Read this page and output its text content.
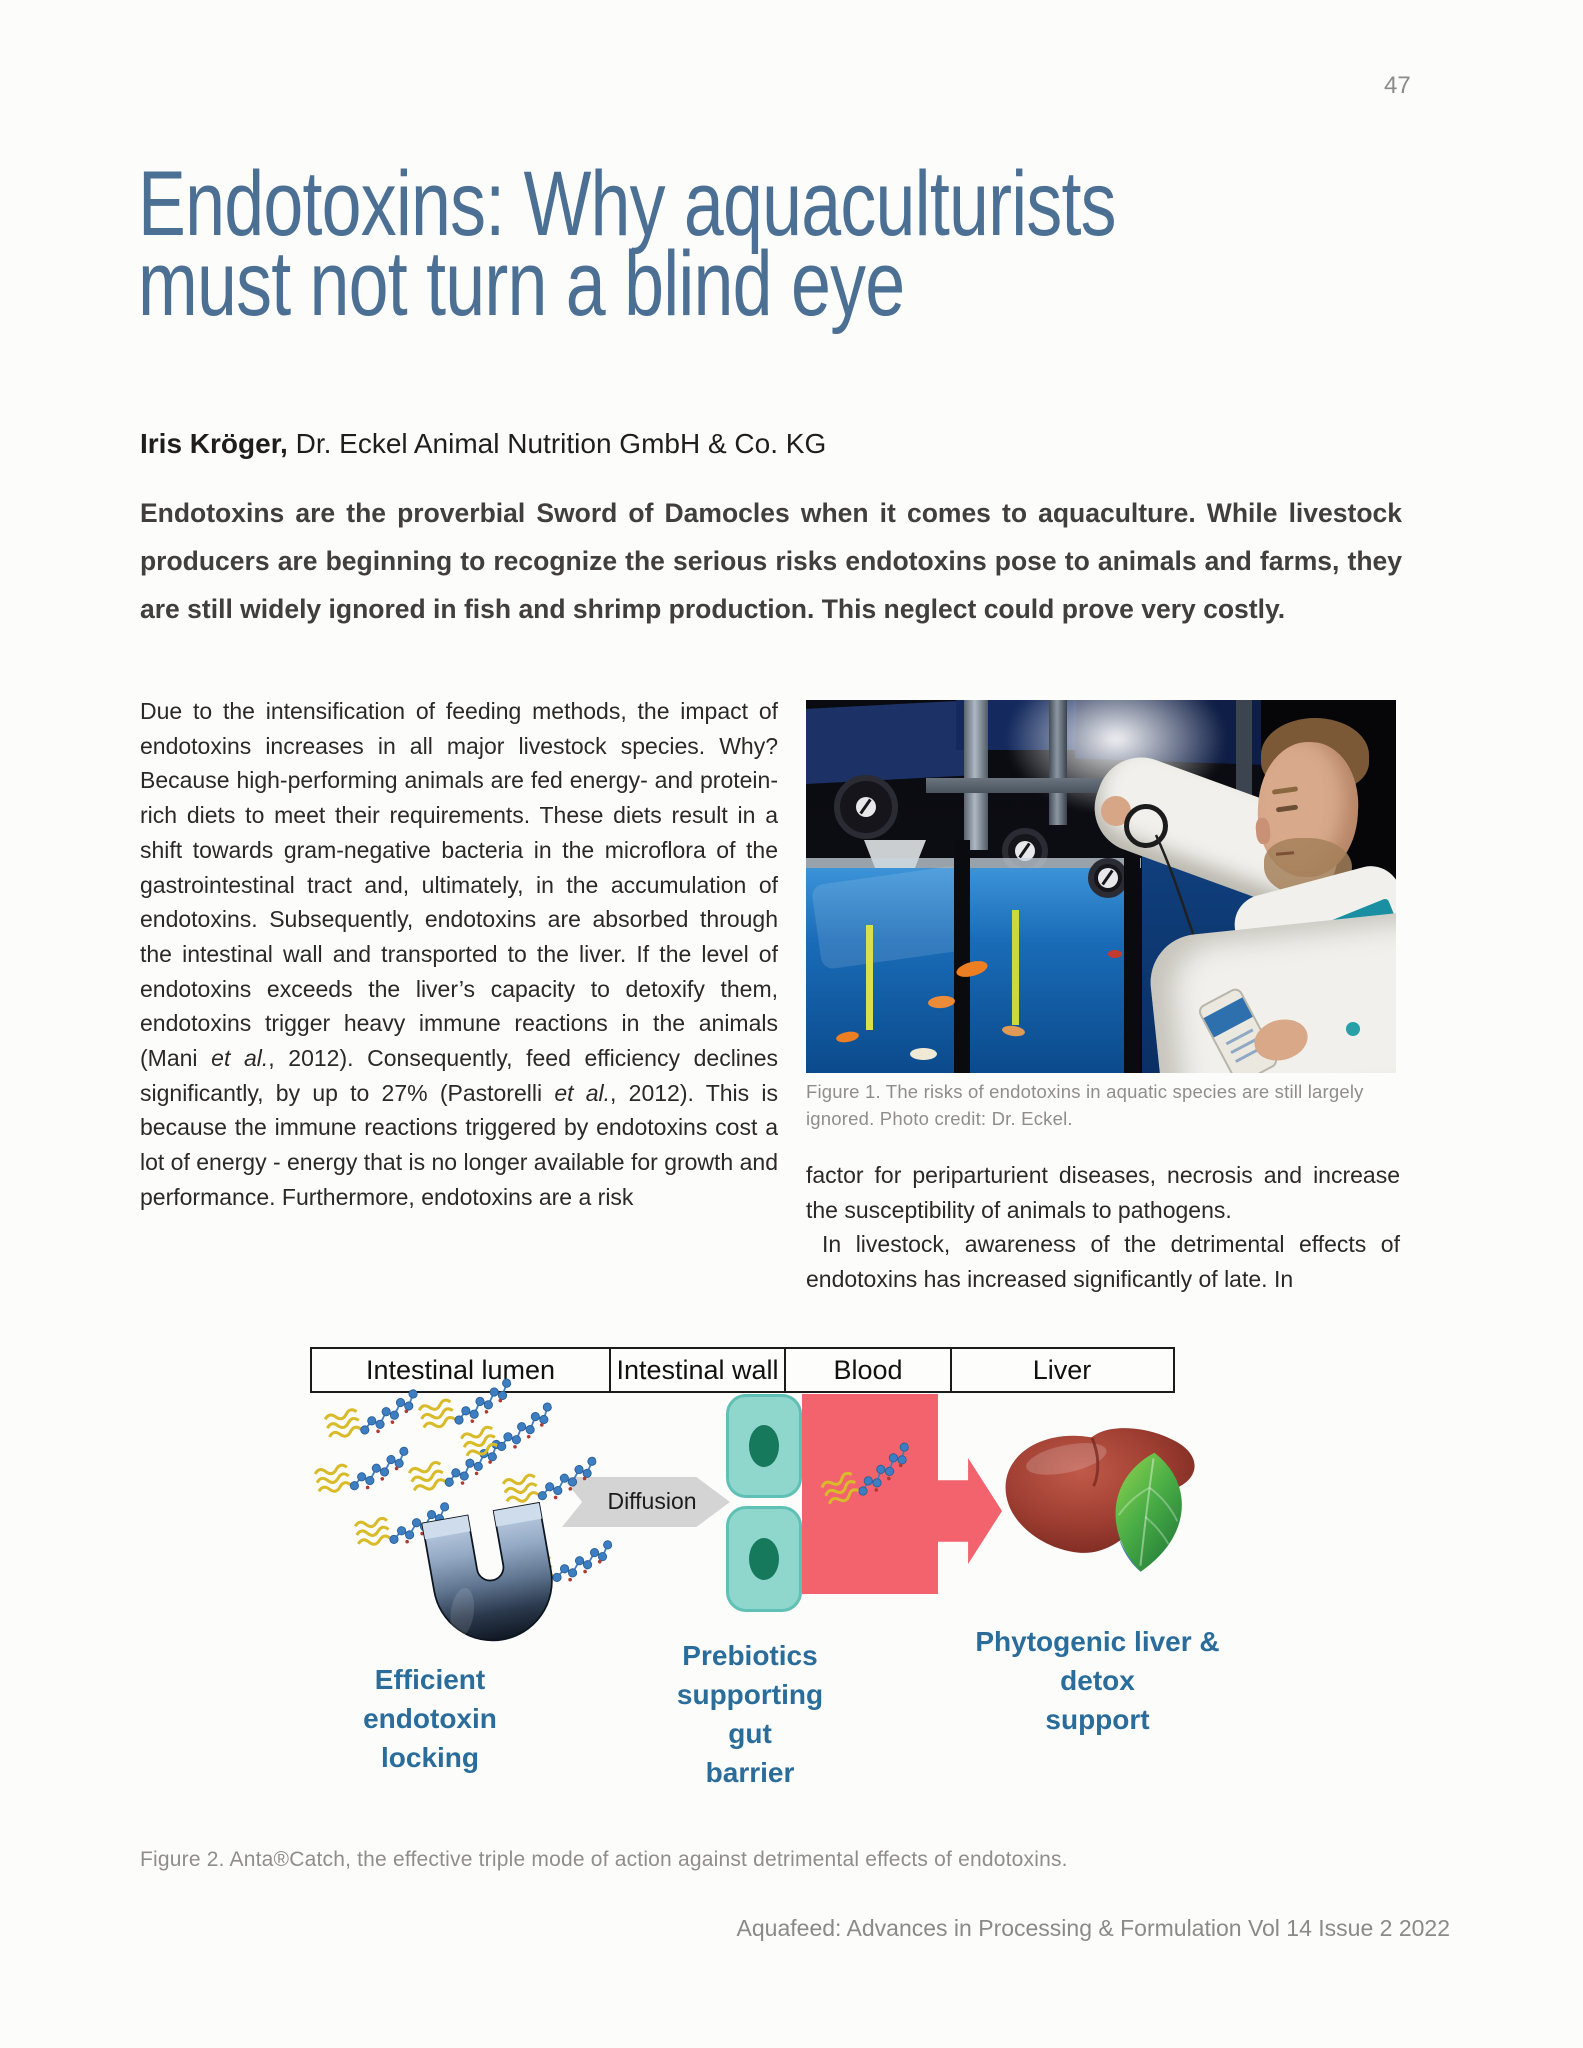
47
Endotoxins: Why aquaculturists
must not turn a blind eye
Iris Kröger, Dr. Eckel Animal Nutrition GmbH & Co. KG
Endotoxins are the proverbial Sword of Damocles when it comes to aquaculture. While livestock producers are beginning to recognize the serious risks endotoxins pose to animals and farms, they are still widely ignored in fish and shrimp production. This neglect could prove very costly.
Due to the intensification of feeding methods, the impact of endotoxins increases in all major livestock species. Why? Because high-performing animals are fed energy- and protein-rich diets to meet their requirements. These diets result in a shift towards gram-negative bacteria in the microflora of the gastrointestinal tract and, ultimately, in the accumulation of endotoxins. Subsequently, endotoxins are absorbed through the intestinal wall and transported to the liver. If the level of endotoxins exceeds the liver’s capacity to detoxify them, endotoxins trigger heavy immune reactions in the animals (Mani et al., 2012). Consequently, feed efficiency declines significantly, by up to 27% (Pastorelli et al., 2012). This is because the immune reactions triggered by endotoxins cost a lot of energy - energy that is no longer available for growth and performance. Furthermore, endotoxins are a risk
Figure 1. The risks of endotoxins in aquatic species are still largely ignored. Photo credit: Dr. Eckel.
factor for periparturient diseases, necrosis and increase the susceptibility of animals to pathogens.
In livestock, awareness of the detrimental effects of endotoxins has increased significantly of late. In
Intestinal lumen	Intestinal wall	Blood	Liver
Diffusion
Efficient
endotoxin
locking
Prebiotics
supporting
gut
barrier
Phytogenic liver &
detox
support
Figure 2. Anta®Catch, the effective triple mode of action against detrimental effects of endotoxins.
Aquafeed: Advances in Processing & Formulation Vol 14 Issue 2 2022
